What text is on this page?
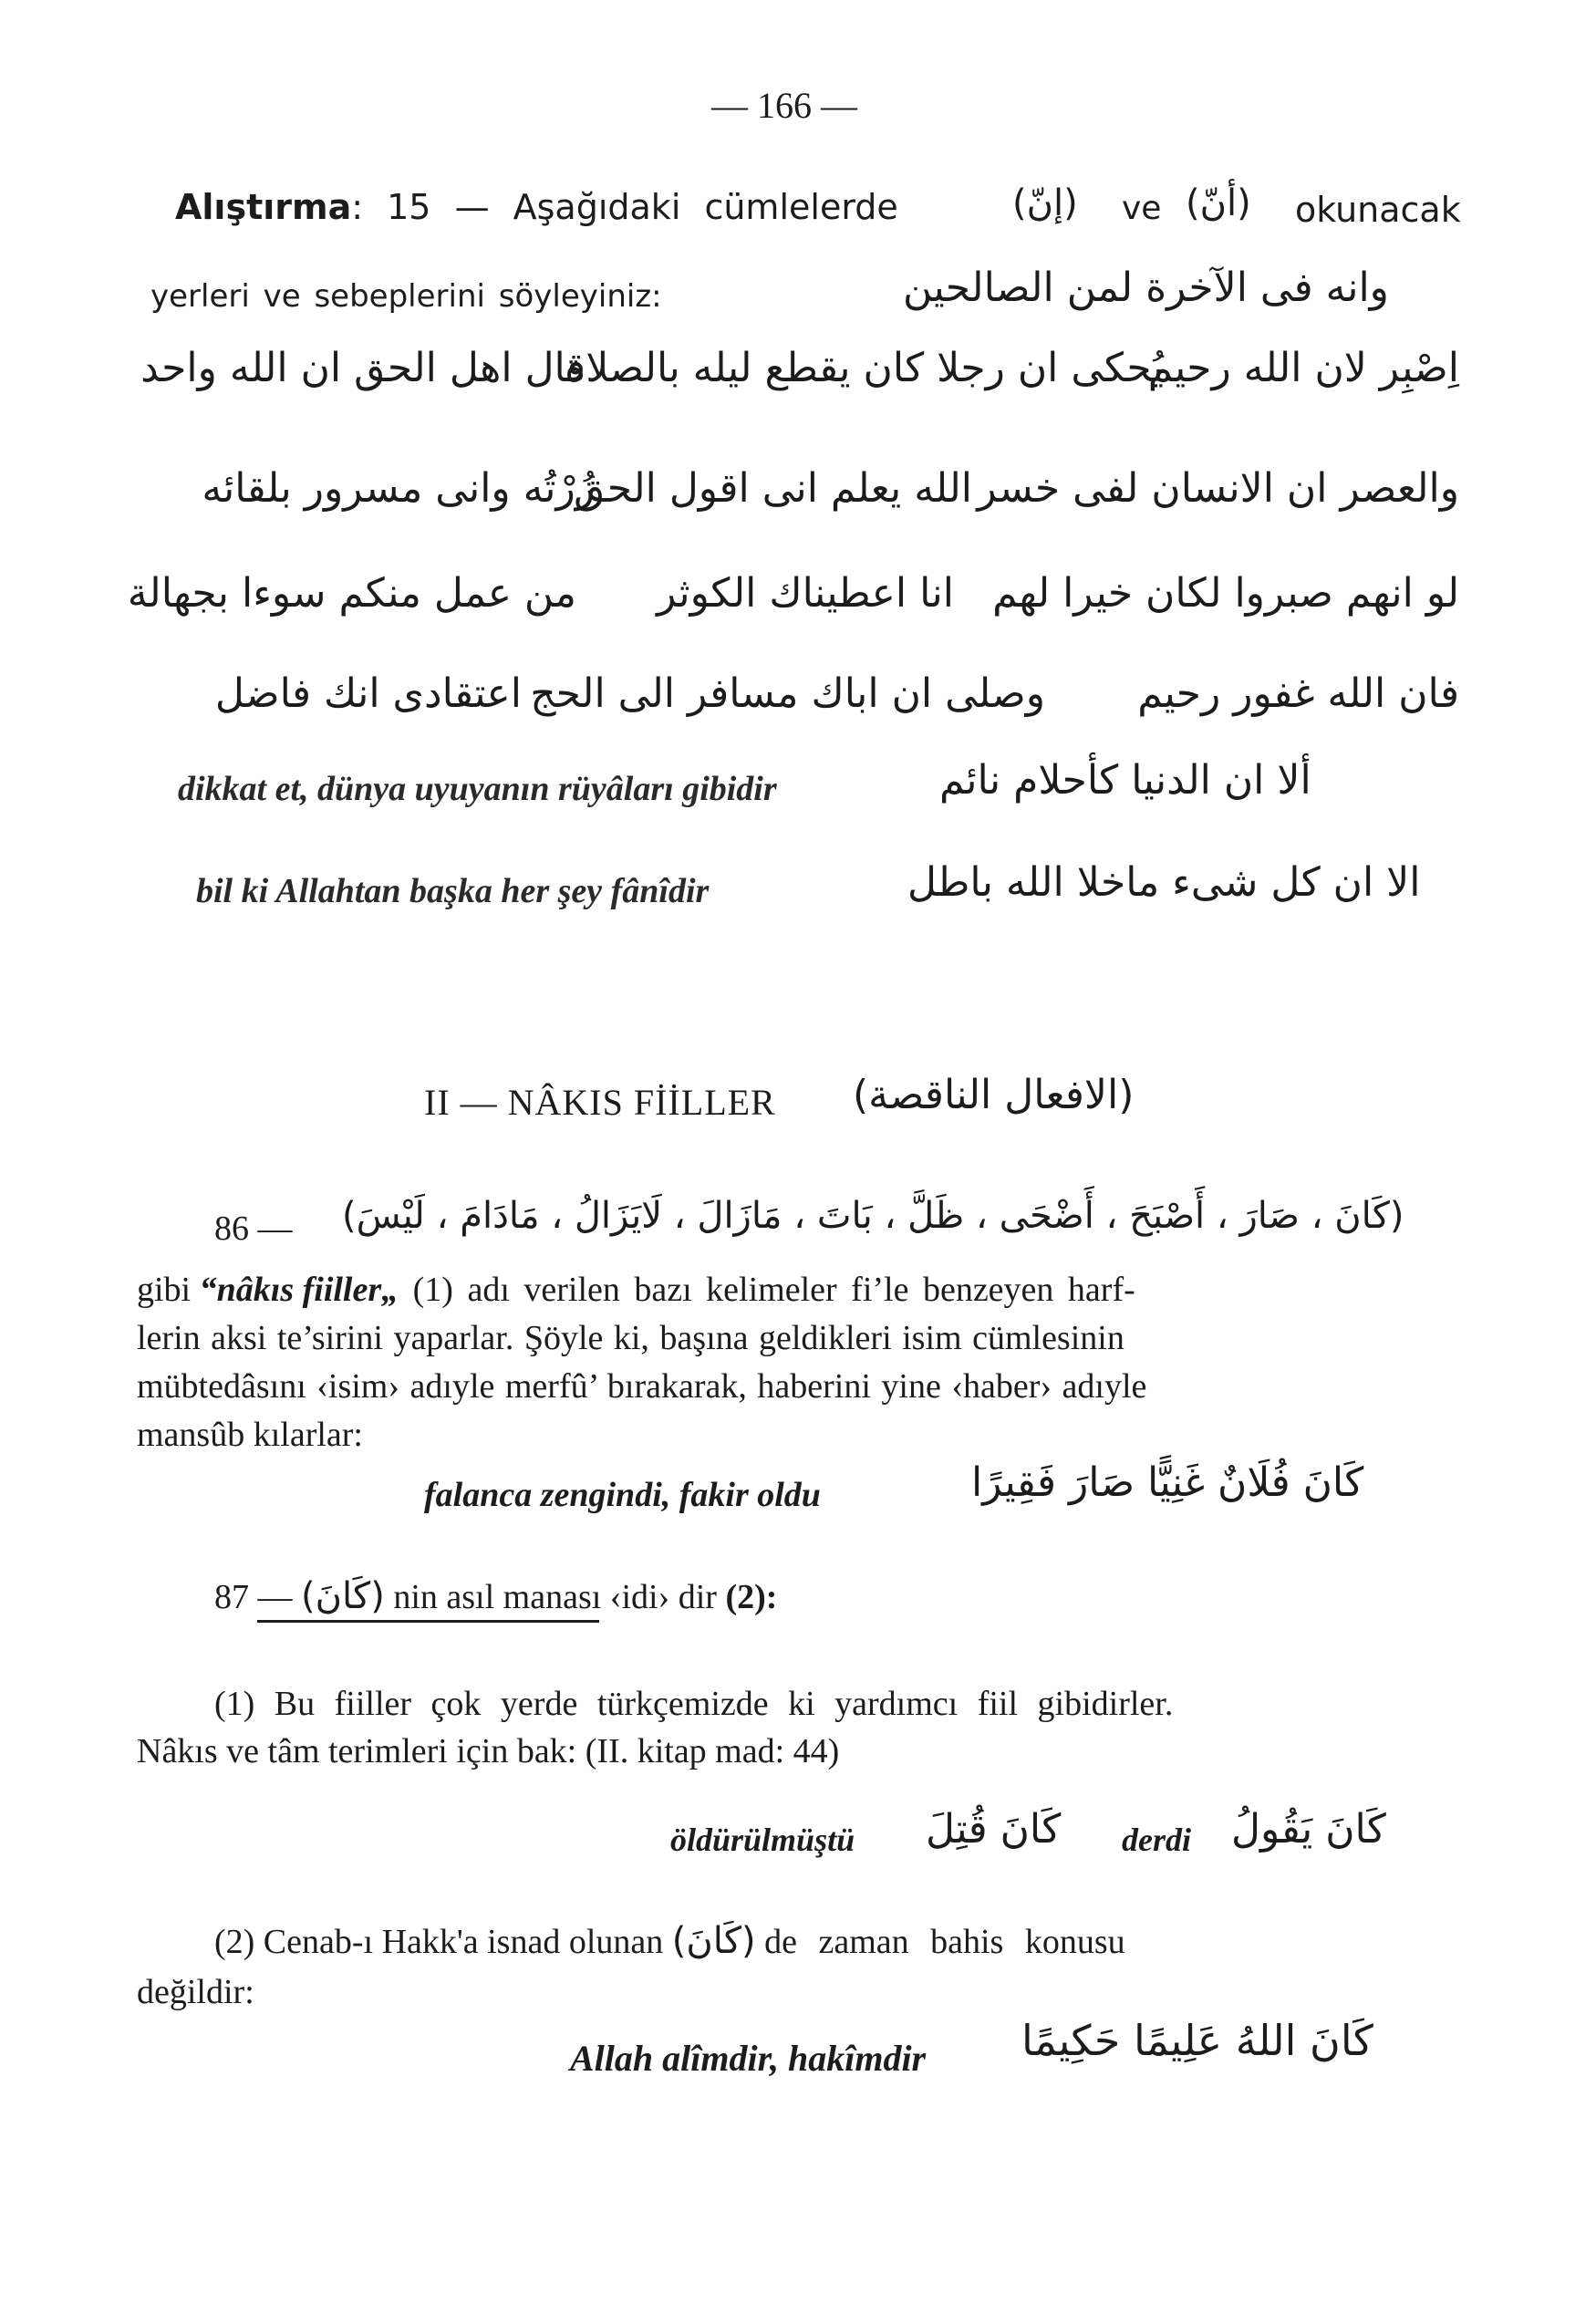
— 166 —
Alıştırma: 15 — Aşağıdaki cümlelerde	(إنّ) ve (أنّ) okunacak
yerleri ve sebeplerini söyleyiniz:	وانه فى الآخرة لمن الصالحين
اِصْبِر لان الله رحيم يُحكى ان رجلا كان يقطع ليله بالصلاة قال اهل الحق ان الله واحد
والعصر ان الانسان لفى خسر الله يعلم انى اقول الحق زُرْتُه وانى مسرور بلقائه
لو انهم صبروا لكان خيرا لهم انا اعطيناك الكوثر من عمل منكم سوءا بجهالة
فان الله غفور رحيم وصلى ان اباك مسافر الى الحج اعتقادى انك فاضل
dikkat et, dünya uyuyanın rüyâları gibidir	ألا ان الدنيا كأحلام نائم
bil ki Allahtan başka her şey fânîdir	الا ان كل شىء ماخلا الله باطل
II — NÂKIS FİİLLER (الافعال الناقصة)
86 — (كَانَ ، صَارَ ، أَصْبَحَ ، أَضْحَى ، ظَلَّ ، بَاتَ ، مَازَالَ ، لَايَزَالُ ، مَادَامَ ، لَيْسَ)
gibi “nâkıs fiiller„ (1) adı verilen bazı kelimeler fi’le benzeyen harf-
lerin aksi te’sirini yaparlar. Şöyle ki, başına geldikleri isim cümlesinin
mübtedâsını ‹isim› adıyle merfû’ bırakarak, haberini yine ‹haber› adıyle
mansûb kılarlar:
falanca zengindi, fakir oldu	كَانَ فُلَانٌ غَنِيًّا صَارَ فَقِيرًا
87 — (كَانَ) nin asıl manası ‹idi› dir (2):
(1) Bu fiiller çok yerde türkçemizde ki yardımcı fiil gibidirler.
Nâkıs ve tâm terimleri için bak: (II. kitap mad: 44)
öldürülmüştü كَانَ قُتِلَ derdi كَانَ يَقُولُ
(2) Cenab-ı Hakk'a isnad olunan (كَانَ) de zaman bahis konusu
değildir:
Allah alîmdir, hakîmdir كَانَ اللهُ عَلِيمًا حَكِيمًا
